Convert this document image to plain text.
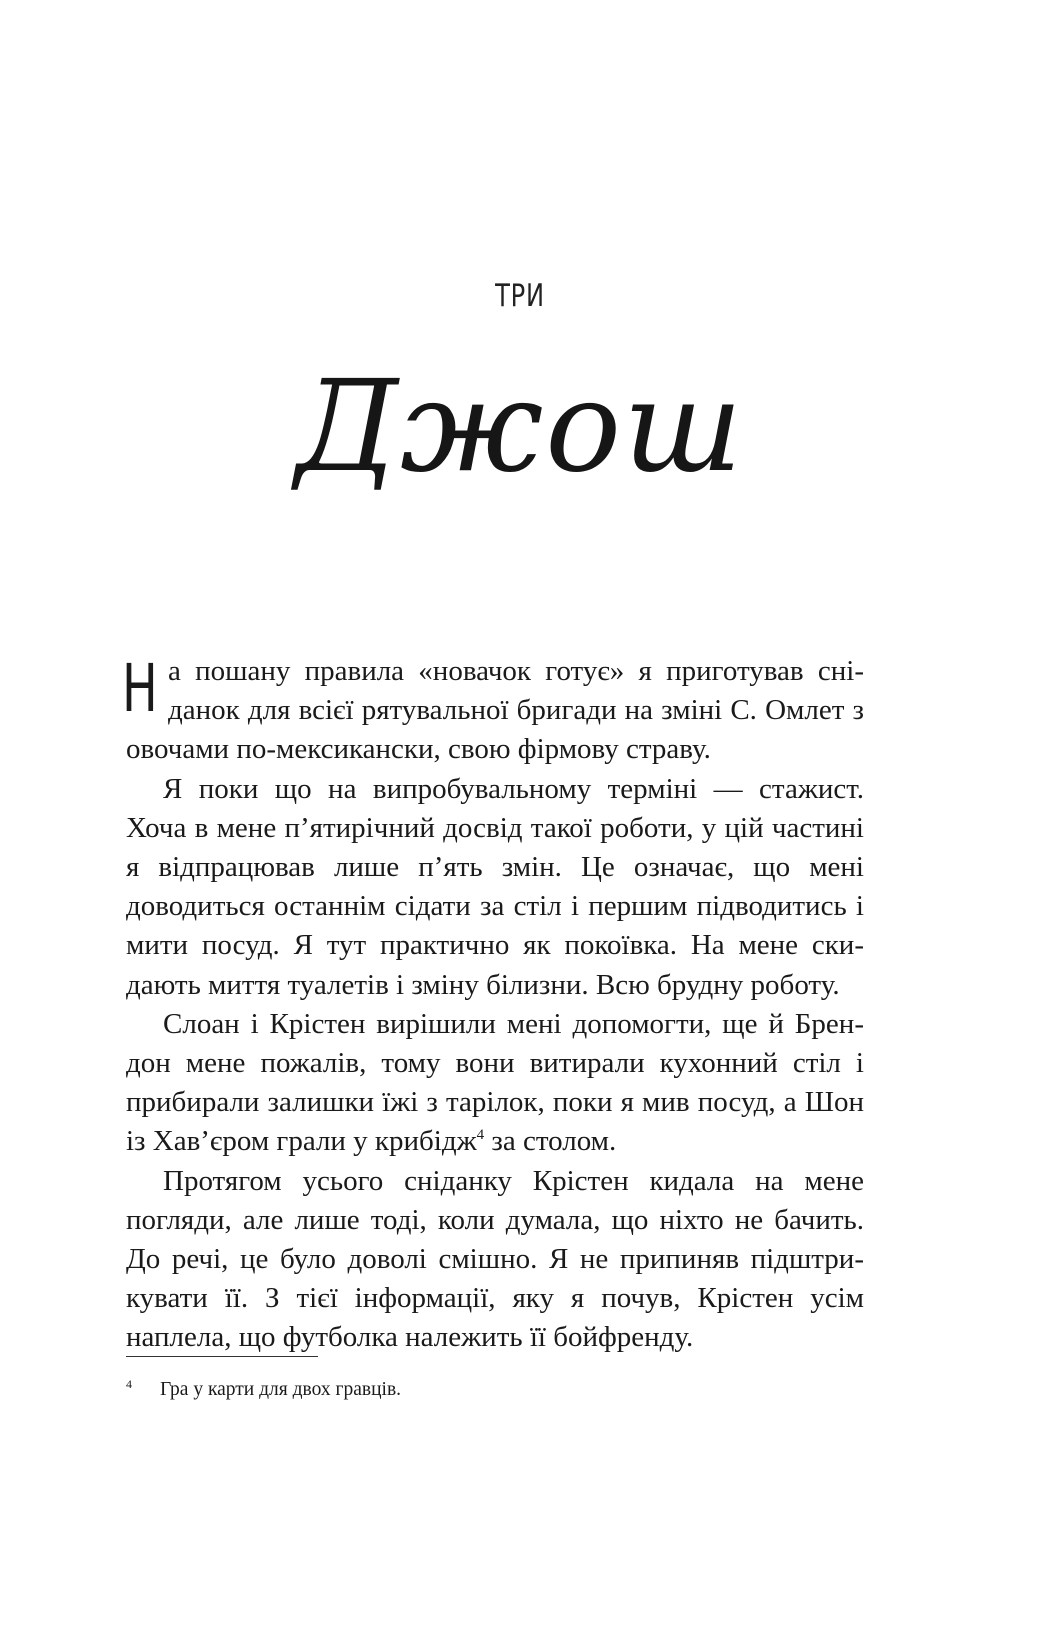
ТРИ
Джош

На пошану правила «новачок готує» я приготував сніданок для всієї рятувальної бригади на зміні С. Омлет з овочами по-мексикански, свою фірмову страву.

Я поки що на випробувальному терміні — стажист. Хоча в мене п’ятирічний досвід такої роботи, у цій частині я відпрацював лише п’ять змін. Це означає, що мені доводиться останнім сідати за стіл і першим підводитись і мити посуд. Я тут практично як покоївка. На мене скидають миття туалетів і зміну білизни. Всю брудну роботу.

Слоан і Крістен вирішили мені допомогти, ще й Брендон мене пожалів, тому вони витирали кухонний стіл і прибирали залишки їжі з тарілок, поки я мив посуд, а Шон із Хав’єром грали у крибідж$^4$ за столом.

Протягом усього сніданку Крістен кидала на мене погляди, але лише тоді, коли думала, що ніхто не бачить. До речі, це було доволі смішно. Я не припиняв підштрикувати її. З тієї інформації, яку я почув, Крістен усім наплела, що футболка належить її бойфренду.

4 Гра у карти для двох гравців.
